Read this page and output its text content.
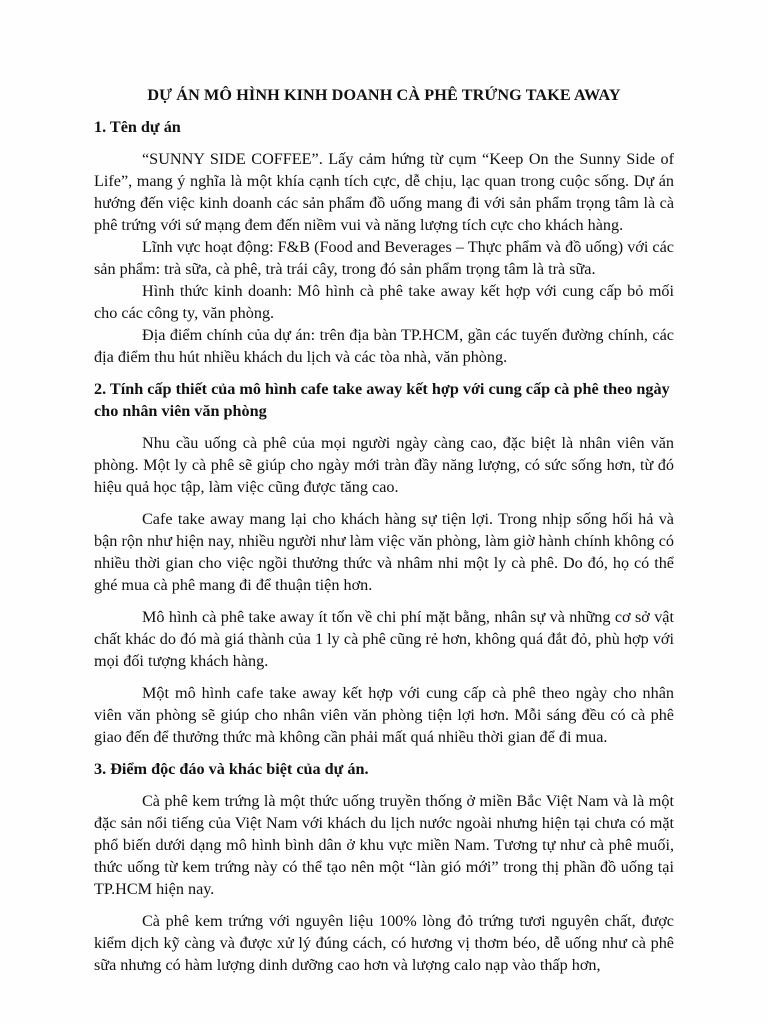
DỰ ÁN MÔ HÌNH KINH DOANH CÀ PHÊ TRỨNG TAKE AWAY
1. Tên dự án

“SUNNY SIDE COFFEE”. Lấy cảm hứng từ cụm “Keep On the Sunny Side of Life”, mang ý nghĩa là một khía cạnh tích cực, dễ chịu, lạc quan trong cuộc sống. Dự án hướng đến việc kinh doanh các sản phẩm đồ uống mang đi với sản phẩm trọng tâm là cà phê trứng với sứ mạng đem đến niềm vui và năng lượng tích cực cho khách hàng.

Lĩnh vực hoạt động: F&B (Food and Beverages – Thực phẩm và đồ uống) với các sản phẩm: trà sữa, cà phê, trà trái cây, trong đó sản phẩm trọng tâm là trà sữa.

Hình thức kinh doanh: Mô hình cà phê take away kết hợp với cung cấp bỏ mối cho các công ty, văn phòng.

Địa điểm chính của dự án: trên địa bàn TP.HCM, gần các tuyến đường chính, các địa điểm thu hút nhiều khách du lịch và các tòa nhà, văn phòng.

2. Tính cấp thiết của mô hình cafe take away kết hợp với cung cấp cà phê theo ngày cho nhân viên văn phòng

Nhu cầu uống cà phê của mọi người ngày càng cao, đặc biệt là nhân viên văn phòng. Một ly cà phê sẽ giúp cho ngày mới tràn đầy năng lượng, có sức sống hơn, từ đó hiệu quả học tập, làm việc cũng được tăng cao.

Cafe take away mang lại cho khách hàng sự tiện lợi. Trong nhịp sống hối hả và bận rộn như hiện nay, nhiều người như làm việc văn phòng, làm giờ hành chính không có nhiều thời gian cho việc ngồi thưởng thức và nhâm nhi một ly cà phê. Do đó, họ có thể ghé mua cà phê mang đi để thuận tiện hơn.

Mô hình cà phê take away ít tốn về chi phí mặt bằng, nhân sự và những cơ sở vật chất khác do đó mà giá thành của 1 ly cà phê cũng rẻ hơn, không quá đắt đỏ, phù hợp với mọi đối tượng khách hàng.

Một mô hình cafe take away kết hợp với cung cấp cà phê theo ngày cho nhân viên văn phòng sẽ giúp cho nhân viên văn phòng tiện lợi hơn. Mỗi sáng đều có cà phê giao đến để thưởng thức mà không cần phải mất quá nhiều thời gian để đi mua.

3. Điểm độc đáo và khác biệt của dự án.

Cà phê kem trứng là một thức uống truyền thống ở miền Bắc Việt Nam và là một đặc sản nổi tiếng của Việt Nam với khách du lịch nước ngoài nhưng hiện tại chưa có mặt phổ biến dưới dạng mô hình bình dân ở khu vực miền Nam. Tương tự như cà phê muối, thức uống từ kem trứng này có thể tạo nên một “làn gió mới” trong thị phần đồ uống tại TP.HCM hiện nay.

Cà phê kem trứng với nguyên liệu 100% lòng đỏ trứng tươi nguyên chất, được kiểm dịch kỹ càng và được xử lý đúng cách, có hương vị thơm béo, dễ uống như cà phê sữa nhưng có hàm lượng dinh dưỡng cao hơn và lượng calo nạp vào thấp hơn,
